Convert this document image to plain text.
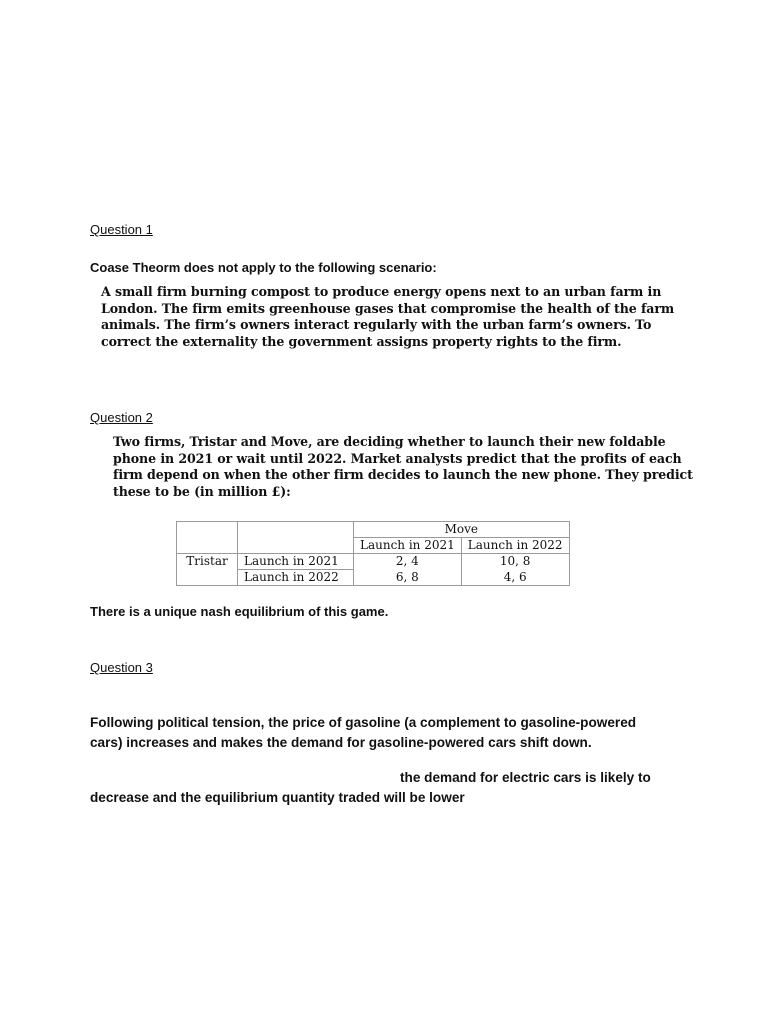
Question 1
Coase Theorm does not apply to the following scenario:
A small firm burning compost to produce energy opens next to an urban farm in
London. The firm emits greenhouse gases that compromise the health of the farm
animals. The firm’s owners interact regularly with the urban farm’s owners. To
correct the externality the government assigns property rights to the firm.
Question 2
Two firms, Tristar and Move, are deciding whether to launch their new foldable
phone in 2021 or wait until 2022. Market analysts predict that the profits of each
firm depend on when the other firm decides to launch the new phone. They predict
these to be (in million £):
		Move	
		Launch in 2021	Launch in 2022
Tristar	Launch in 2021	2, 4	10, 8
	Launch in 2022	6, 8	4, 6
There is a unique nash equilibrium of this game.
Question 3
Following political tension, the price of gasoline (a complement to gasoline-powered
cars) increases and makes the demand for gasoline-powered cars shift down.
the demand for electric cars is likely to
decrease and the equilibrium quantity traded will be lower
